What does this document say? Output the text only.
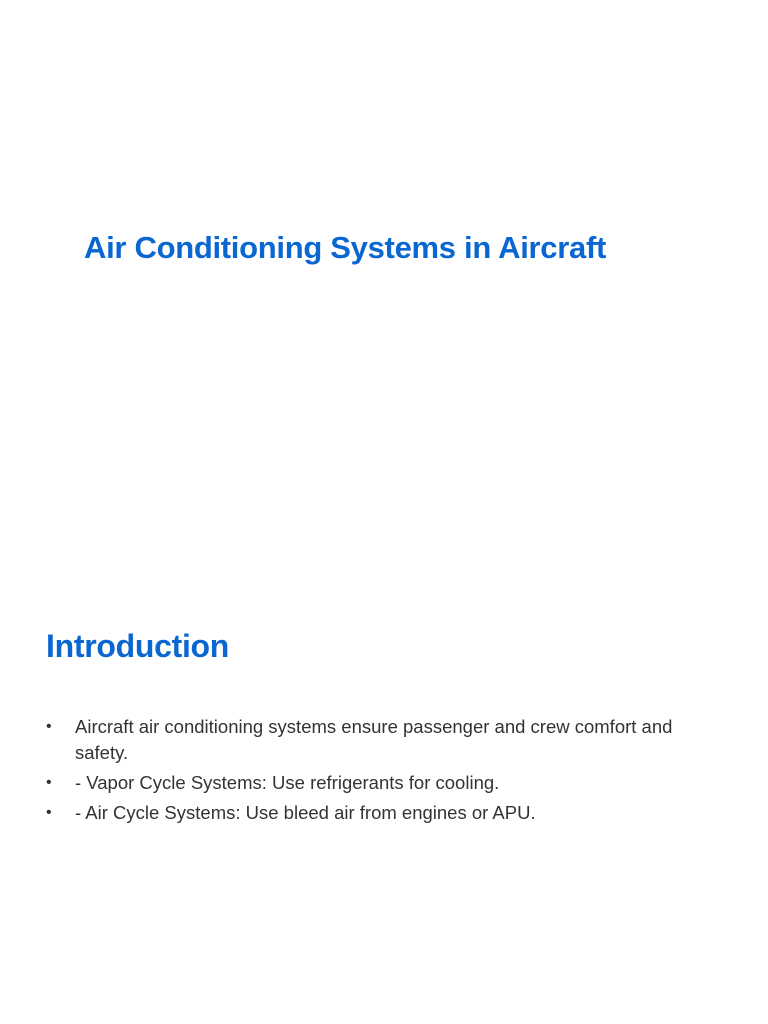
Air Conditioning Systems in Aircraft
Introduction
• Aircraft air conditioning systems ensure passenger and crew comfort and safety.
• - Vapor Cycle Systems: Use refrigerants for cooling.
• - Air Cycle Systems: Use bleed air from engines or APU.
